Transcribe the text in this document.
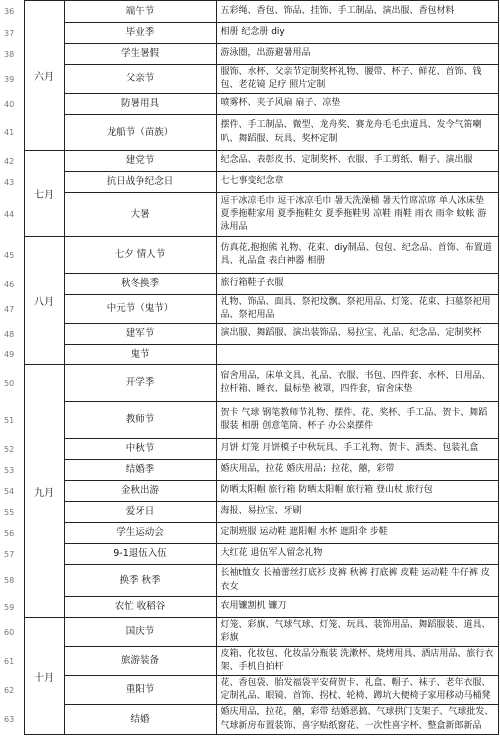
36	六月	端午节	五彩绳、香包、饰品、挂饰、手工制品、演出服、香包材料
37		毕业季	相册 纪念册 diy
38		学生暑假	游泳圈，出游避暑用品
39		父亲节	服饰、水杯、父亲节定制奖杯礼物、腰带、杯子、鲜花、首饰、钱包、老花镜 足疗 照片定制
40		防暑用具	喷雾杯、夹子风扇 扇子、凉垫
41		龙船节（苗族）	摆件、手工制品、微型、龙舟奖、赛龙舟毛毛虫道具、发令气笛喇叭、舞蹈服、玩具、奖杯定制
42	七月	建党节	纪念品、表彰皮书、定制奖杯、衣服、手工剪纸、帽子、演出服
43		抗日战争纪念日	七七事变纪念章
44		大暑	逗干冰凉毛巾 逗干冰凉毛巾 暑天洗澡桶 暑天竹席凉席 单人冰床垫 夏季拖鞋家用 夏季拖鞋女 夏季拖鞋男 凉鞋 雨鞋 雨衣 雨伞 蚊帐 游泳用品
45	八月	七夕 情人节	仿真花,抱抱熊 礼物、花束、diy制品、包包、纪念品、首饰、布置道具、礼品盒 表白神器 相册
46		秋冬换季	旅行箱鞋子衣服
47		中元节（鬼节）	礼物、饰品、面具、祭祀坟飘、祭祀用品、灯笼、花束、扫墓祭祀用品、祭祀用品
48		建军节	演出服、舞蹈服、演出装饰品、易拉宝、礼品、纪念品、定制奖杯
49		鬼节	
50	九月	开学季	宿舍用品，床单文具、礼品、衣服、书包、四件套、水杯、日用品、拉杆箱、睡衣、鼠标垫 被罩，四件套，宿舍床垫
51		教师节	贺卡 气球 钢笔教师节礼物、摆件、花、奖杯、手工品、贺卡、舞蹈服装 相册 创意笔筒、杯子 办公桌摆件
52		中秋节	月饼 灯笼 月饼模子中秋玩具、手工礼物、贺卡、酒类、包装礼盒
53		结婚季	婚庆用品，拉花 婚庆用品；拉花，囍，彩带
54		金秋出游	防晒太阳帽 旅行箱 防晒太阳帽 旅行箱 登山杖 旅行包
55		爱牙日	海报、易拉宝、牙刷
56		学生运动会	定制班服 运动鞋 遮阳帽 水杯 遮阳伞 步鞋
57		9-1退伍入伍	大红花 退伍军人留念礼物
58		换季 秋季	长袖t恤女 长袖蕾丝打底衫 皮裤 秋裤 打底裤 皮鞋 运动鞋 牛仔裤 皮衣女
59		农忙 收稻谷	农用镰割机 镰刀
60	十月	国庆节	灯笼、彩旗、气球气球、灯笼、玩具、装饰用品、舞蹈服装、道具、彩旗
61		旅游装备	皮箱、化妆包、化妆品分瓶装 洗漱杯、烧烤用具、酒店用品、旅行衣架、手机自拍杆
62		重阳节	花、香包袋、胎发福袋平安荷贺卡、礼盒、帽子、袜子、老年衣服、定制礼品、眼镜、首饰、拐杖、轮椅、蹲坑大便椅子家用移动马桶凳
63		结婚	婚庆用品，拉花，囍，彩带 结婚恶搞、气球拱门支架子、气球批发、气球新房布置装饰、喜字贴纸窗花、一次性喜字杯、整盒新郎新品
